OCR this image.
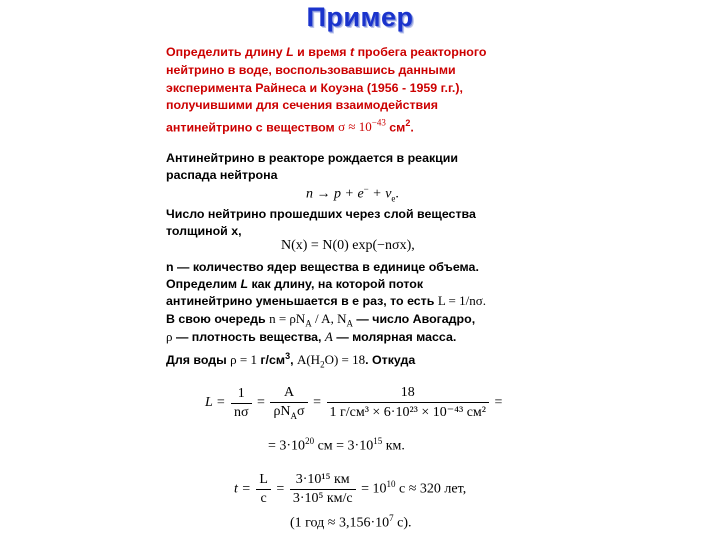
Пример
Определить длину L и время t пробега реакторного
нейтрино в воде, воспользовавшись данными
эксперимента Райнеса и Коуэна (1956 - 1959 г.г.),
получившими для сечения взаимодействия
антинейтрино с веществом $\sigma \approx 10^{-43}$ $см^2$.
Антинейтрино в реакторе рождается в реакции
распада нейтрона
$n \to p + e^- + \nu_e$.
Число нейтрино прошедших через слой вещества
толщиной x,
N(x) = N(0) exp(−nσx),
n — количество ядер вещества в единице объема.
Определим L как длину, на которой поток
антинейтрино уменьшается в e раз, то есть L = 1/nσ.
В свою очередь $n = \rho N_A / A$, $N_A$ — число Авогадро,
ρ — плотность вещества, A — молярная масса.
Для воды ρ = 1 $г/см^3$, $A(H_2O) = 18$. Откуда
$L = \frac{1}{n\sigma} = \frac{A}{\rho N_A\sigma} = \frac{18}{\text{1 г/см³ × 6·10²³ × 10⁻⁴³ см²}}$ =
= $3\cdot 10^{20}$ см = $3\cdot 10^{15}$ км.
$t = \frac{L}{c} = \frac{\text{3·10¹⁵ км}}{\text{3·10⁵ км/с}} = 10^{10}$ с ≈ 320 лет,
(1 год ≈ $3,156\cdot 10^7$ с).
